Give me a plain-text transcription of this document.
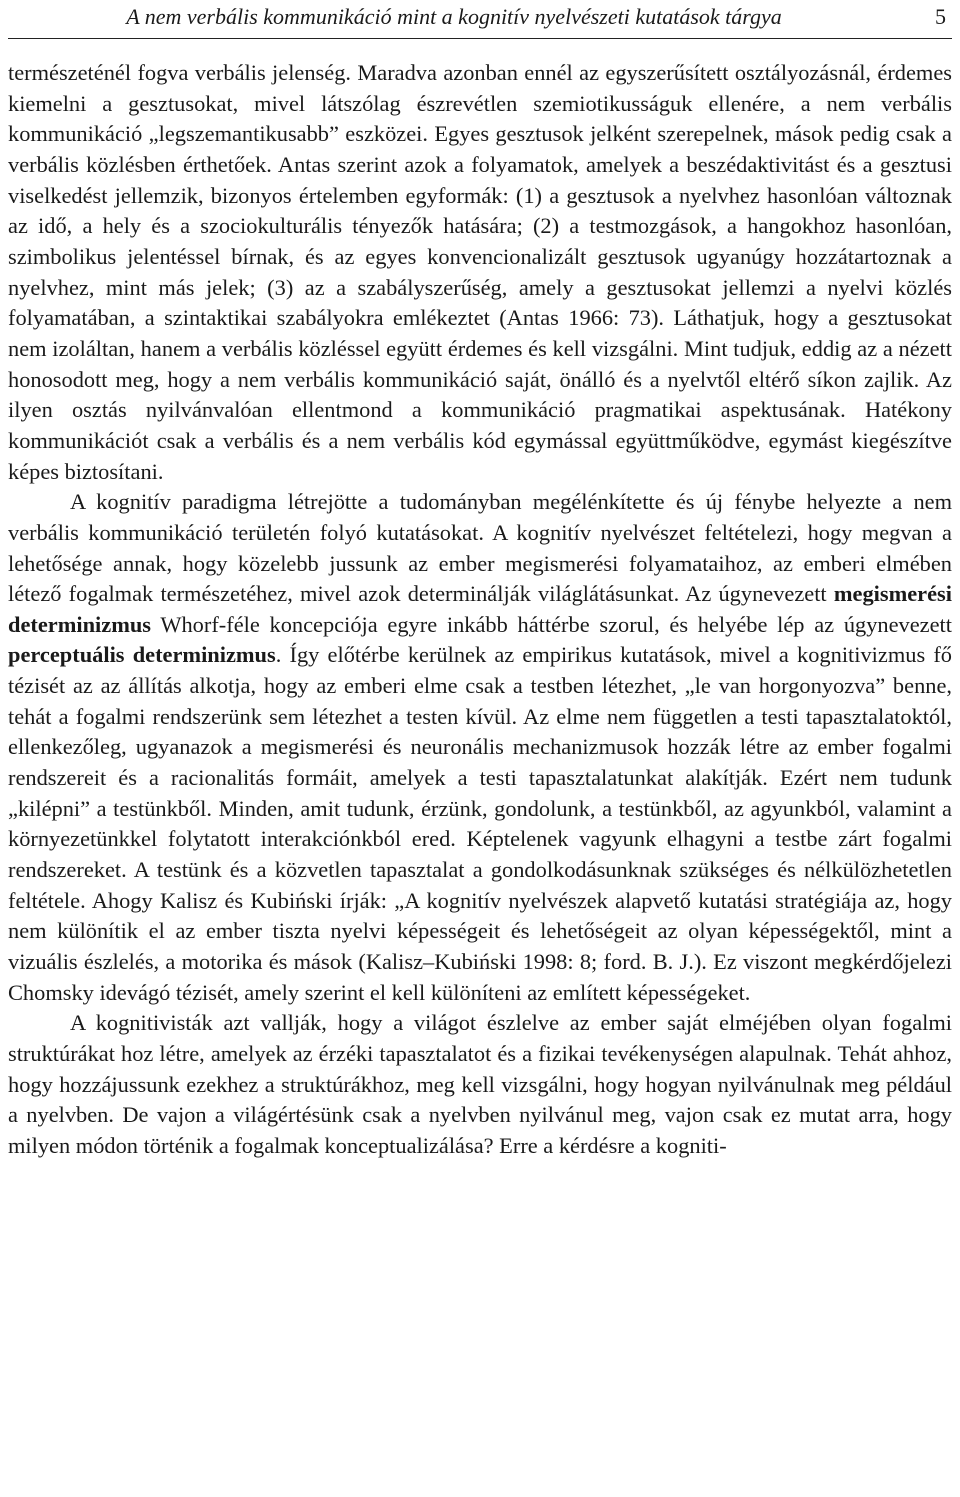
A nem verbális kommunikáció mint a kognitív nyelvészeti kutatások tárgya	5

természeténél fogva verbális jelenség. Maradva azonban ennél az egyszerűsített osztályozásnál, érdemes kiemelni a gesztusokat, mivel látszólag észrevétlen szemiotikusságuk ellenére, a nem verbális kommunikáció „legszemantikusabb” eszközei. Egyes gesztusok jelként szerepelnek, mások pedig csak a verbális közlésben érthetőek. Antas szerint azok a folyamatok, amelyek a beszédaktivitást és a gesztusi viselkedést jellemzik, bizonyos értelemben egyformák: (1) a gesztusok a nyelvhez hasonlóan változnak az idő, a hely és a szociokulturális tényezők hatására; (2) a testmozgások, a hangokhoz hasonlóan, szimbolikus jelentéssel bírnak, és az egyes konvencionalizált gesztusok ugyanúgy hozzátartoznak a nyelvhez, mint más jelek; (3) az a szabályszerűség, amely a gesztusokat jellemzi a nyelvi közlés folyamatában, a szintaktikai szabályokra emlékeztet (Antas 1966: 73). Láthatjuk, hogy a gesztusokat nem izoláltan, hanem a verbális közléssel együtt érdemes és kell vizsgálni. Mint tudjuk, eddig az a nézett honosodott meg, hogy a nem verbális kommunikáció saját, önálló és a nyelvtől eltérő síkon zajlik. Az ilyen osztás nyilvánvalóan ellentmond a kommunikáció pragmatikai aspektusának. Hatékony kommunikációt csak a verbális és a nem verbális kód egymással együttműködve, egymást kiegészítve képes biztosítani.

A kognitív paradigma létrejötte a tudományban megélénkítette és új fénybe helyezte a nem verbális kommunikáció területén folyó kutatásokat. A kognitív nyelvészet feltételezi, hogy megvan a lehetősége annak, hogy közelebb jussunk az ember megismerési folyamataihoz, az emberi elmében létező fogalmak természetéhez, mivel azok determinálják világlátásunkat. Az úgynevezett megismerési determinizmus Whorf-féle koncepciója egyre inkább háttérbe szorul, és helyébe lép az úgynevezett perceptuális determinizmus. Így előtérbe kerülnek az empirikus kutatások, mivel a kognitivizmus fő tézisét az az állítás alkotja, hogy az emberi elme csak a testben létezhet, „le van horgonyozva” benne, tehát a fogalmi rendszerünk sem létezhet a testen kívül. Az elme nem független a testi tapasztalatoktól, ellenkezőleg, ugyanazok a megismerési és neuronális mechanizmusok hozzák létre az ember fogalmi rendszereit és a racionalitás formáit, amelyek a testi tapasztalatunkat alakítják. Ezért nem tudunk „kilépni” a testünkből. Minden, amit tudunk, érzünk, gondolunk, a testünkből, az agyunkból, valamint a környezetünkkel folytatott interakciónkból ered. Képtelenek vagyunk elhagyni a testbe zárt fogalmi rendszereket. A testünk és a közvetlen tapasztalat a gondolkodásunknak szükséges és nélkülözhetetlen feltétele. Ahogy Kalisz és Kubiński írják: „A kognitív nyelvészek alapvető kutatási stratégiája az, hogy nem különítik el az ember tiszta nyelvi képességeit és lehetőségeit az olyan képességektől, mint a vizuális észlelés, a motorika és mások (Kalisz–Kubiński 1998: 8; ford. B. J.). Ez viszont megkérdőjelezi Chomsky idevágó tézisét, amely szerint el kell különíteni az említett képességeket.

A kognitivisták azt vallják, hogy a világot észlelve az ember saját elméjében olyan fogalmi struktúrákat hoz létre, amelyek az érzéki tapasztalatot és a fizikai tevékenységen alapulnak. Tehát ahhoz, hogy hozzájussunk ezekhez a struktúrákhoz, meg kell vizsgálni, hogy hogyan nyilvánulnak meg például a nyelvben. De vajon a világértésünk csak a nyelvben nyilvánul meg, vajon csak ez mutat arra, hogy milyen módon történik a fogalmak konceptualizálása? Erre a kérdésre a kogniti-
